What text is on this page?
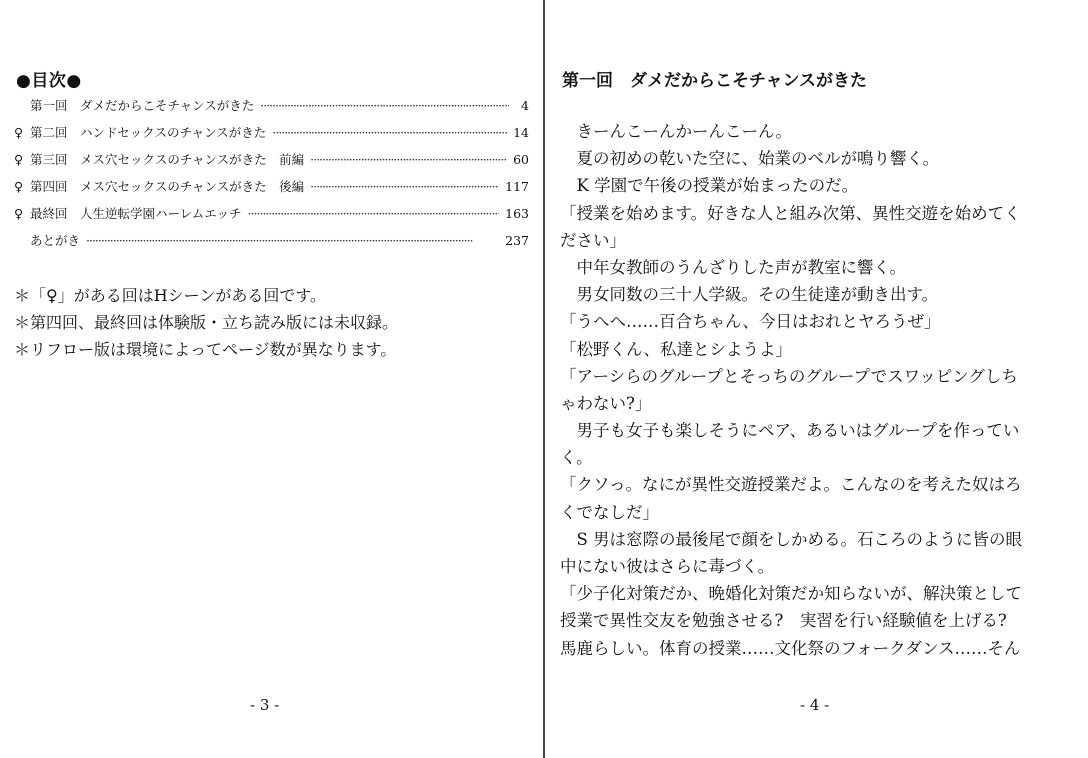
●目次●
第一回　ダメだからこそチャンスがきた ·····	4
♀ 第二回　ハンドセックスのチャンスがきた ·····	14
♀ 第三回　メス穴セックスのチャンスがきた　前編 ·····	60
♀ 第四回　メス穴セックスのチャンスがきた　後編 ·····	117
♀ 最終回　人生逆転学園ハーレムエッチ ·····	163
あとがき ·····	237
＊「♀」がある回はHシーンがある回です。
＊第四回、最終回は体験版・立ち読み版には未収録。
＊リフロー版は環境によってページ数が異なります。
- 3 -
第一回　ダメだからこそチャンスがきた
　きーんこーんかーんこーん。
　夏の初めの乾いた空に、始業のベルが鳴り響く。
　K 学園で午後の授業が始まったのだ。
「授業を始めます。好きな人と組み次第、異性交遊を始めてく
ださい」
　中年女教師のうんざりした声が教室に響く。
　男女同数の三十人学級。その生徒達が動き出す。
「うへへ……百合ちゃん、今日はおれとヤろうぜ」
「松野くん、私達とシようよ」
「アーシらのグループとそっちのグループでスワッピングしち
ゃわない?」
　男子も女子も楽しそうにペア、あるいはグループを作ってい
く。
「クソっ。なにが異性交遊授業だよ。こんなのを考えた奴はろ
くでなしだ」
　S 男は窓際の最後尾で顔をしかめる。石ころのように皆の眼
中にない彼はさらに毒づく。
「少子化対策だか、晩婚化対策だか知らないが、解決策として
授業で異性交友を勉強させる?　実習を行い経験値を上げる?
馬鹿らしい。体育の授業……文化祭のフォークダンス……そん
- 4 -
